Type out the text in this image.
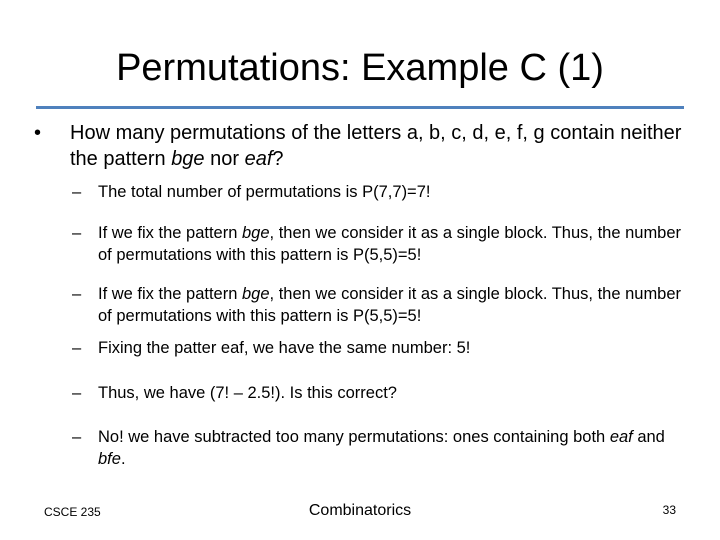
Permutations: Example C (1)
• How many permutations of the letters a, b, c, d, e, f, g contain neither the pattern bge nor eaf?
– The total number of permutations is P(7,7)=7!
– If we fix the pattern bge, then we consider it as a single block. Thus, the number of permutations with this pattern is P(5,5)=5!
– If we fix the pattern bge, then we consider it as a single block. Thus, the number of permutations with this pattern is P(5,5)=5!
– Fixing the patter eaf, we have the same number: 5!
– Thus, we have (7! – 2.5!). Is this correct?
– No! we have subtracted too many permutations: ones containing both eaf and bfe.
CSCE 235	Combinatorics	33
